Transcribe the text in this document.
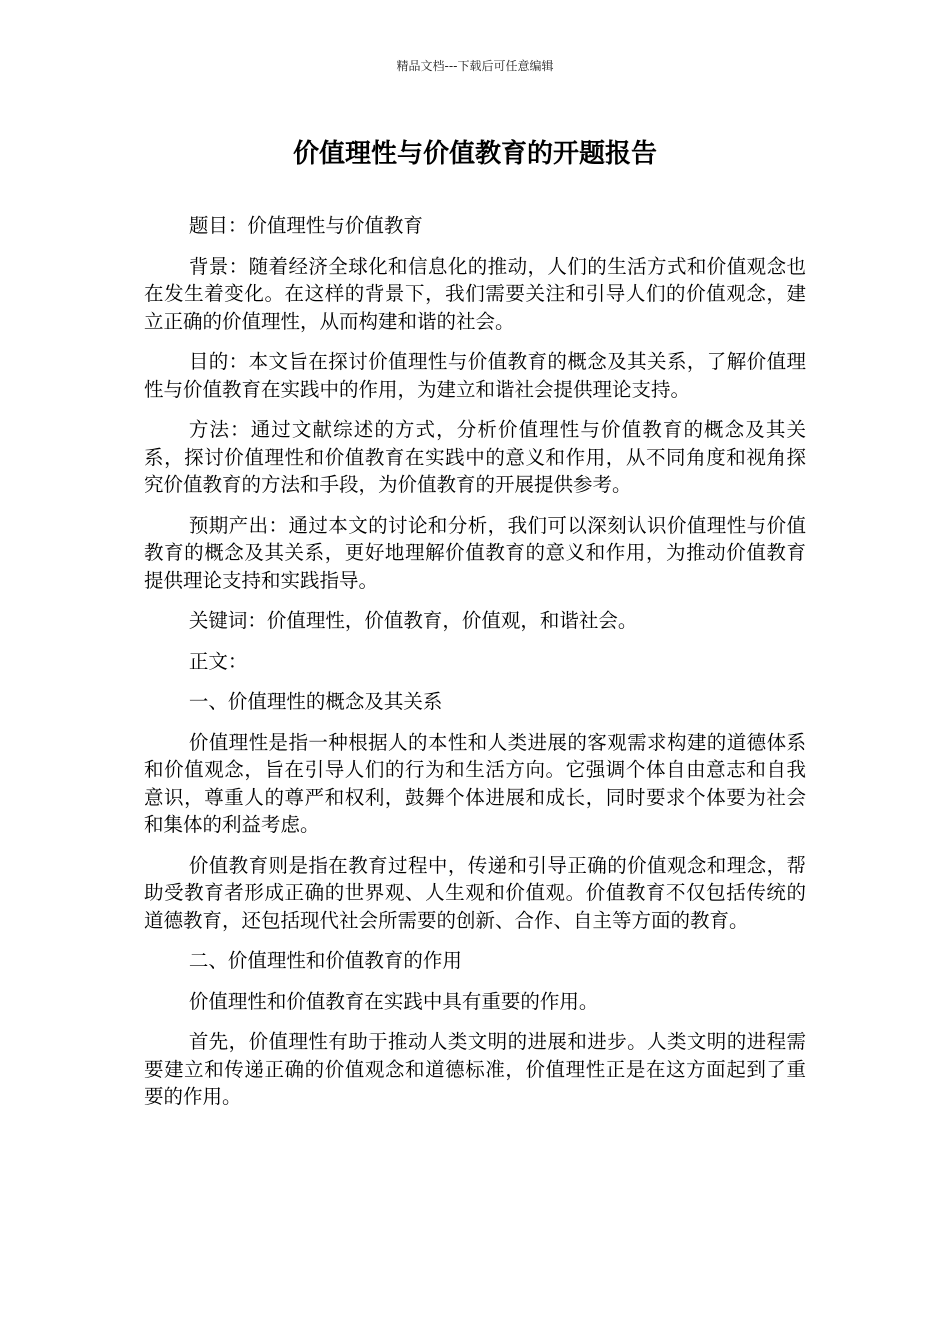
精品文档---下载后可任意编辑
价值理性与价值教育的开题报告

题目：价值理性与价值教育

背景：随着经济全球化和信息化的推动，人们的生活方式和价值观念也在发生着变化。在这样的背景下，我们需要关注和引导人们的价值观念，建立正确的价值理性，从而构建和谐的社会。

目的：本文旨在探讨价值理性与价值教育的概念及其关系，了解价值理性与价值教育在实践中的作用，为建立和谐社会提供理论支持。

方法：通过文献综述的方式，分析价值理性与价值教育的概念及其关系，探讨价值理性和价值教育在实践中的意义和作用，从不同角度和视角探究价值教育的方法和手段，为价值教育的开展提供参考。

预期产出：通过本文的讨论和分析，我们可以深刻认识价值理性与价值教育的概念及其关系，更好地理解价值教育的意义和作用，为推动价值教育提供理论支持和实践指导。

关键词：价值理性，价值教育，价值观，和谐社会。

正文：

一、价值理性的概念及其关系

价值理性是指一种根据人的本性和人类进展的客观需求构建的道德体系和价值观念，旨在引导人们的行为和生活方向。它强调个体自由意志和自我意识，尊重人的尊严和权利，鼓舞个体进展和成长，同时要求个体要为社会和集体的利益考虑。

价值教育则是指在教育过程中，传递和引导正确的价值观念和理念，帮助受教育者形成正确的世界观、人生观和价值观。价值教育不仅包括传统的道德教育，还包括现代社会所需要的创新、合作、自主等方面的教育。

二、价值理性和价值教育的作用

价值理性和价值教育在实践中具有重要的作用。

首先，价值理性有助于推动人类文明的进展和进步。人类文明的进程需要建立和传递正确的价值观念和道德标准，价值理性正是在这方面起到了重要的作用。
